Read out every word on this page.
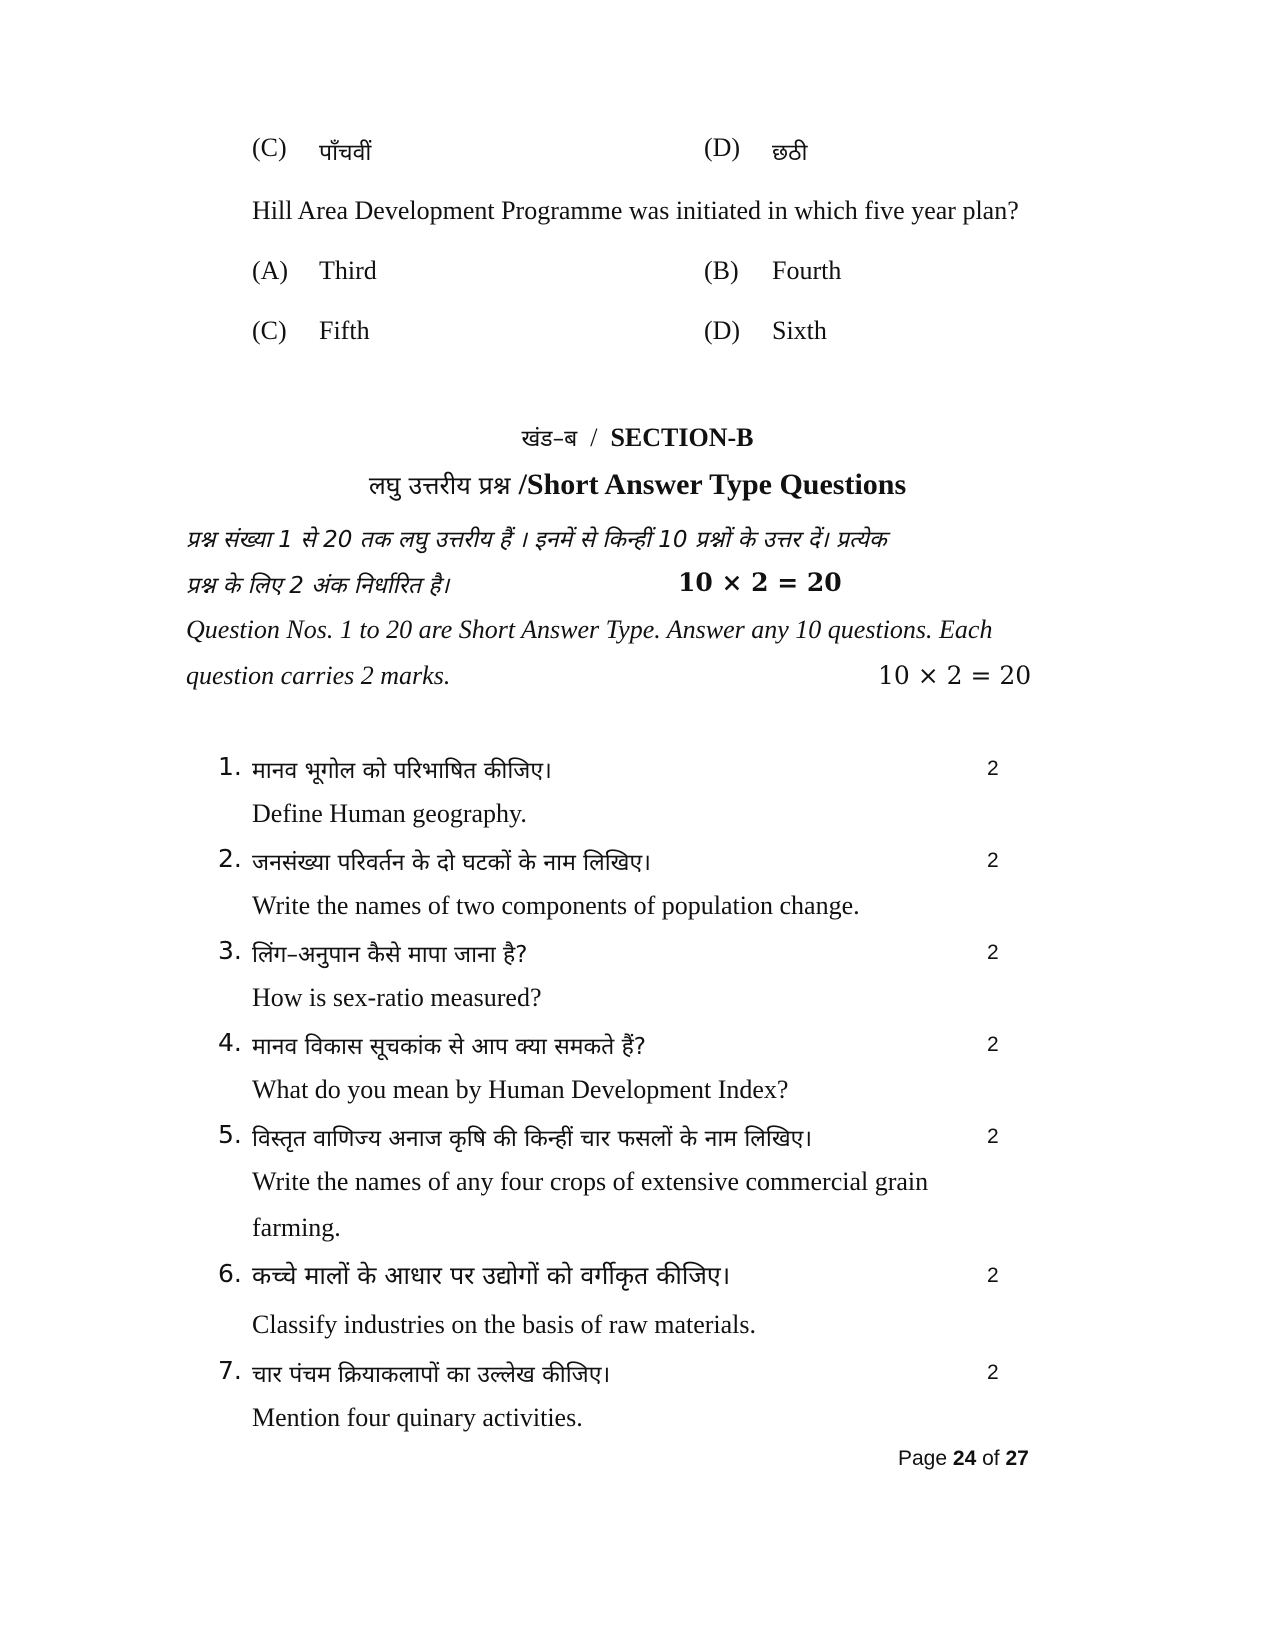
(C) पाँचवीं	(D) छठी
Hill Area Development Programme was initiated in which five year plan?
(A) Third	(B) Fourth
(C) Fifth	(D) Sixth
खंड–ब / SECTION-B
लघु उत्तरीय प्रश्न /Short Answer Type Questions
प्रश्न संख्या 1 से 20 तक लघु उत्तरीय हैं । इनमें से किन्हीं 10 प्रश्नों के उत्तर दें। प्रत्येक
प्रश्न के लिए 2 अंक निर्धारित है।	10 × 2 = 20
Question Nos. 1 to 20 are Short Answer Type. Answer any 10 questions. Each
question carries 2 marks.	10 × 2 = 20
1. मानव भूगोल को परिभाषित कीजिए।	2
Define Human geography.
2. जनसंख्या परिवर्तन के दो घटकों के नाम लिखिए।	2
Write the names of two components of population change.
3. लिंग–अनुपान कैसे मापा जाना है?	2
How is sex-ratio measured?
4. मानव विकास सूचकांक से आप क्या समकते हैं?	2
What do you mean by Human Development Index?
5. विस्तृत वाणिज्य अनाज कृषि की किन्हीं चार फसलों के नाम लिखिए।	2
Write the names of any four crops of extensive commercial grain
farming.
6. कच्चे मालों के आधार पर उद्योगों को वर्गीकृत कीजिए।	2
Classify industries on the basis of raw materials.
7. चार पंचम क्रियाकलापों का उल्लेख कीजिए।	2
Mention four quinary activities.
Page 24 of 27
